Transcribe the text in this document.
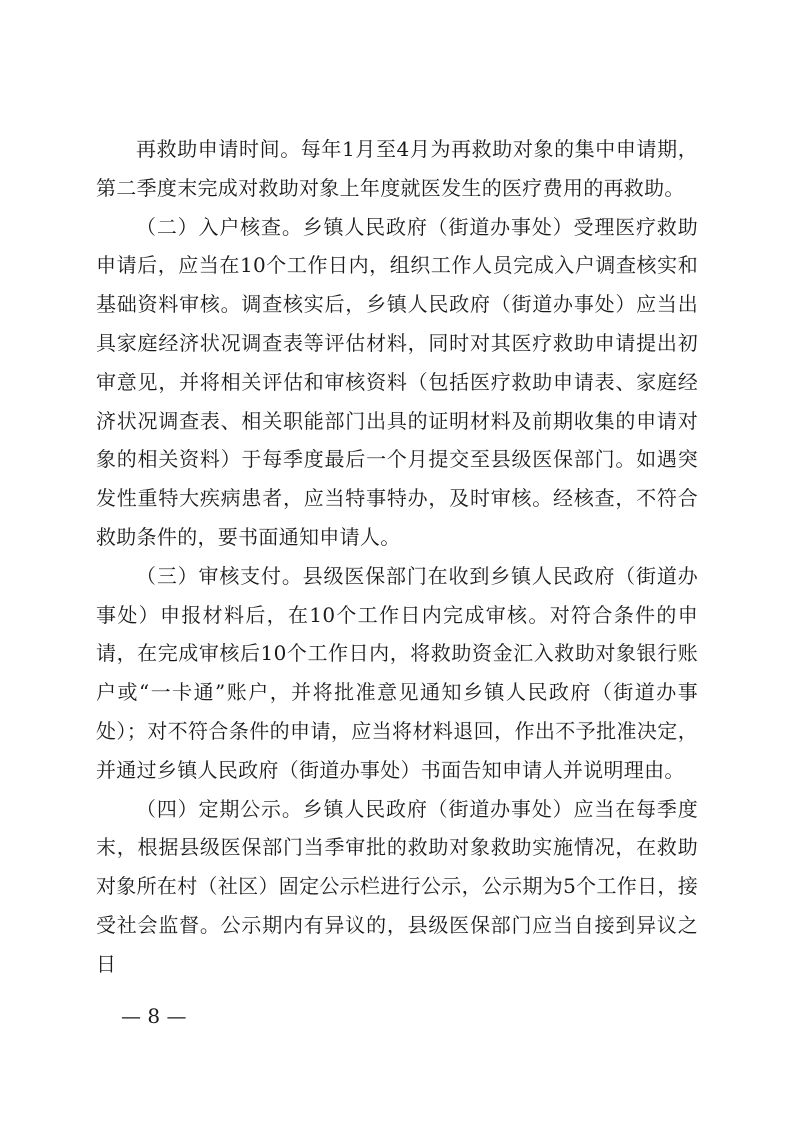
再救助申请时间。每年1月至4月为再救助对象的集中申请期，第二季度末完成对救助对象上年度就医发生的医疗费用的再救助。

（二）入户核查。乡镇人民政府（街道办事处）受理医疗救助申请后，应当在10个工作日内，组织工作人员完成入户调查核实和基础资料审核。调查核实后，乡镇人民政府（街道办事处）应当出具家庭经济状况调查表等评估材料，同时对其医疗救助申请提出初审意见，并将相关评估和审核资料（包括医疗救助申请表、家庭经济状况调查表、相关职能部门出具的证明材料及前期收集的申请对象的相关资料）于每季度最后一个月提交至县级医保部门。如遇突发性重特大疾病患者，应当特事特办，及时审核。经核查，不符合救助条件的，要书面通知申请人。

（三）审核支付。县级医保部门在收到乡镇人民政府（街道办事处）申报材料后，在10个工作日内完成审核。对符合条件的申请，在完成审核后10个工作日内，将救助资金汇入救助对象银行账户或“一卡通”账户，并将批准意见通知乡镇人民政府（街道办事处）；对不符合条件的申请，应当将材料退回，作出不予批准决定，并通过乡镇人民政府（街道办事处）书面告知申请人并说明理由。

（四）定期公示。乡镇人民政府（街道办事处）应当在每季度末，根据县级医保部门当季审批的救助对象救助实施情况，在救助对象所在村（社区）固定公示栏进行公示，公示期为5个工作日，接受社会监督。公示期内有异议的，县级医保部门应当自接到异议之日

— 8 —
